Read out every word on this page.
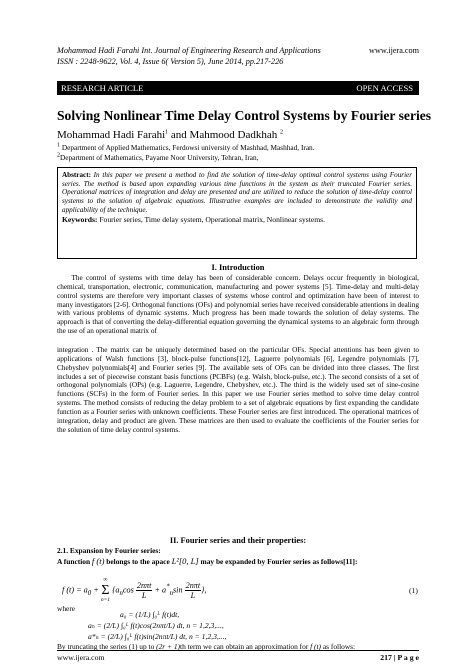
Mohammad Hadi Farahi Int. Journal of Engineering Research and Applications	www.ijera.com
ISSN : 2248-9622, Vol. 4, Issue 6( Version 5), June 2014, pp.217-226
RESEARCH ARTICLE	OPEN ACCESS
Solving Nonlinear Time Delay Control Systems by Fourier series
Mohammad Hadi Farahi$^1$ and Mahmood Dadkhah $^2$
$^1$ Department of Applied Mathematics, Ferdowsi university of Mashhad, Mashhad, Iran.
$^2$Department of Mathematics, Payame Noor University, Tehran, Iran,
Abstract: In this paper we present a method to find the solution of time-delay optimal control systems using Fourier series. The method is based upon expanding various time functions in the system as their truncated Fourier series. Operational matrices of integration and delay are presented and are utilized to reduce the solution of time-delay control systems to the solution of algebraic equations. Illustrative examples are included to demonstrate the validity and applicability of the technique.
Keywords: Fourier series, Time delay system, Operational matrix, Nonlinear systems.
I. Introduction
  The control of systems with time delay has been of considerable concern. Delays occur frequently in biological, chemical, transportation, electronic, communication, manufacturing and power systems [5]. Time-delay and multi-delay control systems are therefore very important classes of systems whose control and optimization have been of interest to many investigators [2-6]. Orthogonal functions (OFs) and polynomial series have received considerable attentions in dealing with various problems of dynamic systems. Much progress has been made towards the solution of delay systems. The approach is that of converting the delay-differential equation governing the dynamical systems to an algebraic form through the use of an operational matrix of
integration . The matrix can be uniquely determined based on the particular OFs. Special attentions has been given to applications of Walsh functions [3], block-pulse functions[12], Laguerre polynomials [6], Legendre polynomials [7], Chebyshev polynomials[4] and Fourier series [9]. The available sets of OFs can be divided into three classes. The first includes a set of piecewise constant basis functions (PCBFs) (e.g. Walsh, block-pulse, etc.). The second consists of a set of orthogonal polynomials (OPs) (e.g. Laguerre, Legendre, Chebyshev, etc.). The third is the widely used set of sine-cosine functions (SCFs) in the form of Fourier series. In this paper we use Fourier series method to solve time delay control systems. The method consists of reducing the delay problem to a set of algebraic equations by first expanding the candidate function as a Fourier series with unknown coefficients. These Fourier series are first introduced. The operational matrices of integration, delay and product are given. These matrices are then used to evaluate the coefficients of the Fourier series for the solution of time delay control systems.
II. Fourier series and their properties:
2.1. Expansion by Fourier series:
A function f (t) belongs to the apace L²[0, L] may be expanded by Fourier series as follows[11]:
f $(t) = a_0$ +
∞
Σ
n=1
{$a_n\cos \frac{\text{2nπt}}{L} + a^*_n\sin \frac{\text{2nπt}}{L}$ },	(1)
where
a₀ = (1/L) ∫₀ᴸ f(t)dt,
aₙ = (2/L) ∫₀ᴸ f(t)cos(2nπt/L) dt, n = 1,2,3,...,
a*ₙ = (2/L) ∫₀ᴸ f(t)sin(2nπt/L) dt, n = 1,2,3,...,
By truncating the series (1) up to (2r + 1)th term we can obtain an approximation for f (t) as follows:
www.ijera.com	217 | P a g e
